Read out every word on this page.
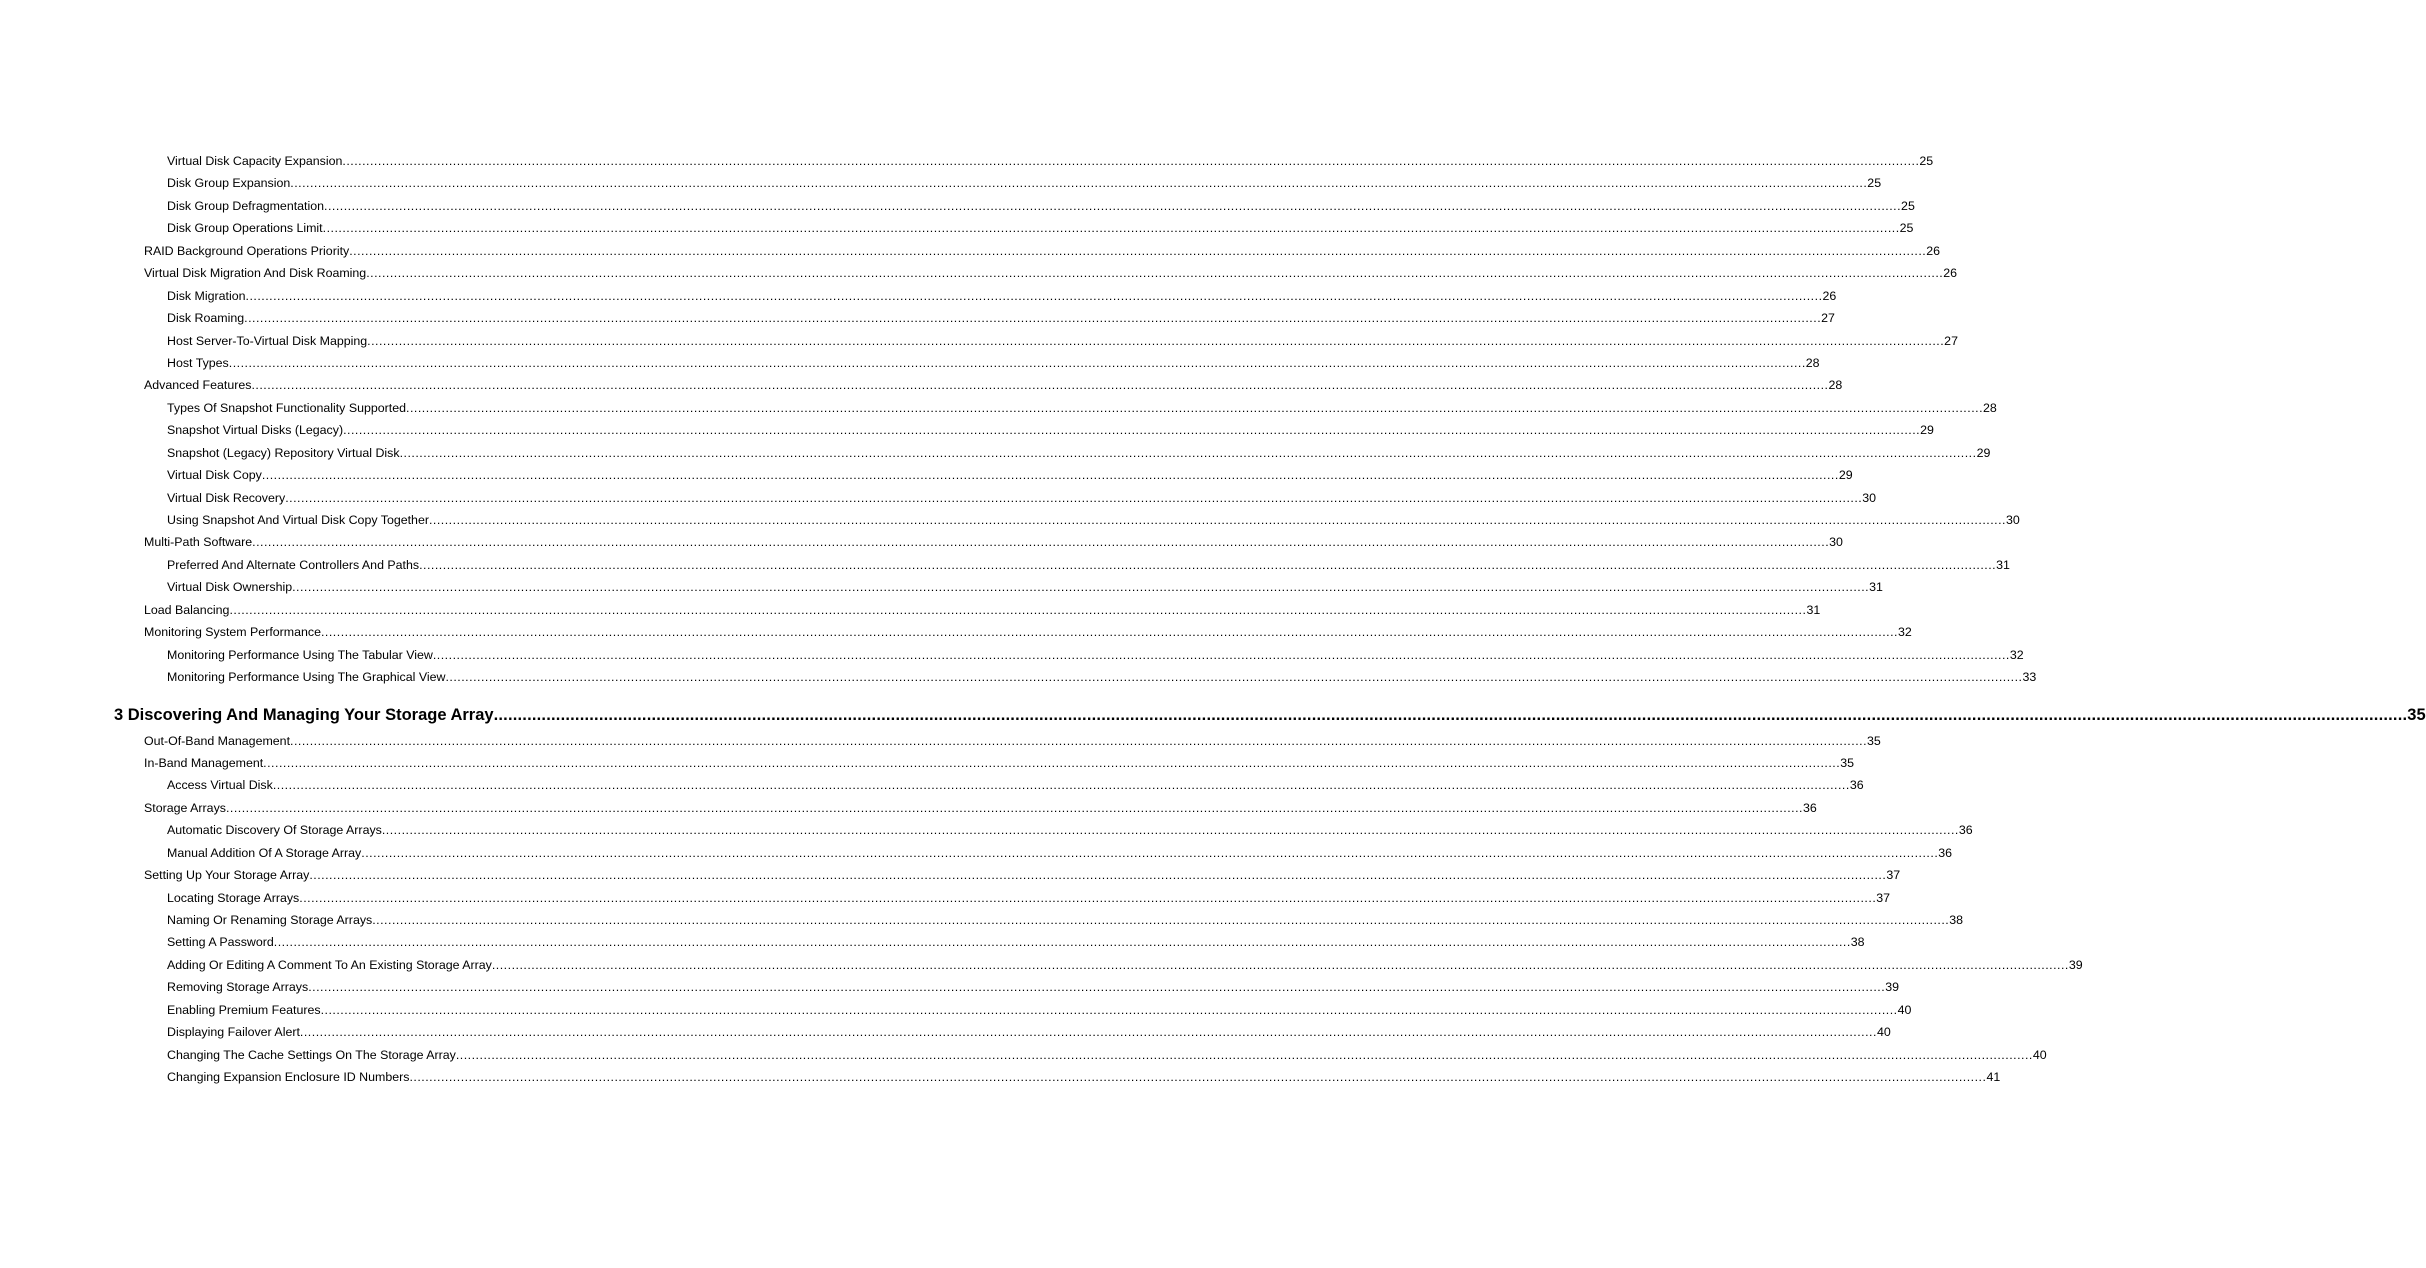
Virtual Disk Capacity Expansion ................................................................................................................................................................................................................................................................................................................................................................................................................ 25
Disk Group Expansion ................................................................................................................................................................................................................................................................................................................................................................................................................ 25
Disk Group Defragmentation ................................................................................................................................................................................................................................................................................................................................................................................................................ 25
Disk Group Operations Limit ................................................................................................................................................................................................................................................................................................................................................................................................................ 25
RAID Background Operations Priority ................................................................................................................................................................................................................................................................................................................................................................................................................ 26
Virtual Disk Migration And Disk Roaming ................................................................................................................................................................................................................................................................................................................................................................................................................ 26
Disk Migration ................................................................................................................................................................................................................................................................................................................................................................................................................ 26
Disk Roaming ................................................................................................................................................................................................................................................................................................................................................................................................................ 27
Host Server-To-Virtual Disk Mapping ................................................................................................................................................................................................................................................................................................................................................................................................................ 27
Host Types ................................................................................................................................................................................................................................................................................................................................................................................................................ 28
Advanced Features ................................................................................................................................................................................................................................................................................................................................................................................................................ 28
Types Of Snapshot Functionality Supported ................................................................................................................................................................................................................................................................................................................................................................................................................ 28
Snapshot Virtual Disks (Legacy) ................................................................................................................................................................................................................................................................................................................................................................................................................ 29
Snapshot (Legacy) Repository Virtual Disk ................................................................................................................................................................................................................................................................................................................................................................................................................ 29
Virtual Disk Copy ................................................................................................................................................................................................................................................................................................................................................................................................................ 29
Virtual Disk Recovery ................................................................................................................................................................................................................................................................................................................................................................................................................ 30
Using Snapshot And Virtual Disk Copy Together ................................................................................................................................................................................................................................................................................................................................................................................................................ 30
Multi-Path Software ................................................................................................................................................................................................................................................................................................................................................................................................................ 30
Preferred And Alternate Controllers And Paths ................................................................................................................................................................................................................................................................................................................................................................................................................ 31
Virtual Disk Ownership ................................................................................................................................................................................................................................................................................................................................................................................................................ 31
Load Balancing ................................................................................................................................................................................................................................................................................................................................................................................................................ 31
Monitoring System Performance ................................................................................................................................................................................................................................................................................................................................................................................................................ 32
Monitoring Performance Using The Tabular View ................................................................................................................................................................................................................................................................................................................................................................................................................ 32
Monitoring Performance Using The Graphical View ................................................................................................................................................................................................................................................................................................................................................................................................................ 33
3 Discovering And Managing Your Storage Array ................................................................................................................................................................................................................................................................................................................................................................................................................ 35
Out-Of-Band Management ................................................................................................................................................................................................................................................................................................................................................................................................................ 35
In-Band Management ................................................................................................................................................................................................................................................................................................................................................................................................................ 35
Access Virtual Disk ................................................................................................................................................................................................................................................................................................................................................................................................................ 36
Storage Arrays ................................................................................................................................................................................................................................................................................................................................................................................................................ 36
Automatic Discovery Of Storage Arrays ................................................................................................................................................................................................................................................................................................................................................................................................................ 36
Manual Addition Of A Storage Array ................................................................................................................................................................................................................................................................................................................................................................................................................ 36
Setting Up Your Storage Array ................................................................................................................................................................................................................................................................................................................................................................................................................ 37
Locating Storage Arrays ................................................................................................................................................................................................................................................................................................................................................................................................................ 37
Naming Or Renaming Storage Arrays ................................................................................................................................................................................................................................................................................................................................................................................................................ 38
Setting A Password ................................................................................................................................................................................................................................................................................................................................................................................................................ 38
Adding Or Editing A Comment To An Existing Storage Array ................................................................................................................................................................................................................................................................................................................................................................................................................ 39
Removing Storage Arrays ................................................................................................................................................................................................................................................................................................................................................................................................................ 39
Enabling Premium Features ................................................................................................................................................................................................................................................................................................................................................................................................................ 40
Displaying Failover Alert ................................................................................................................................................................................................................................................................................................................................................................................................................ 40
Changing The Cache Settings On The Storage Array ................................................................................................................................................................................................................................................................................................................................................................................................................ 40
Changing Expansion Enclosure ID Numbers ................................................................................................................................................................................................................................................................................................................................................................................................................ 41
